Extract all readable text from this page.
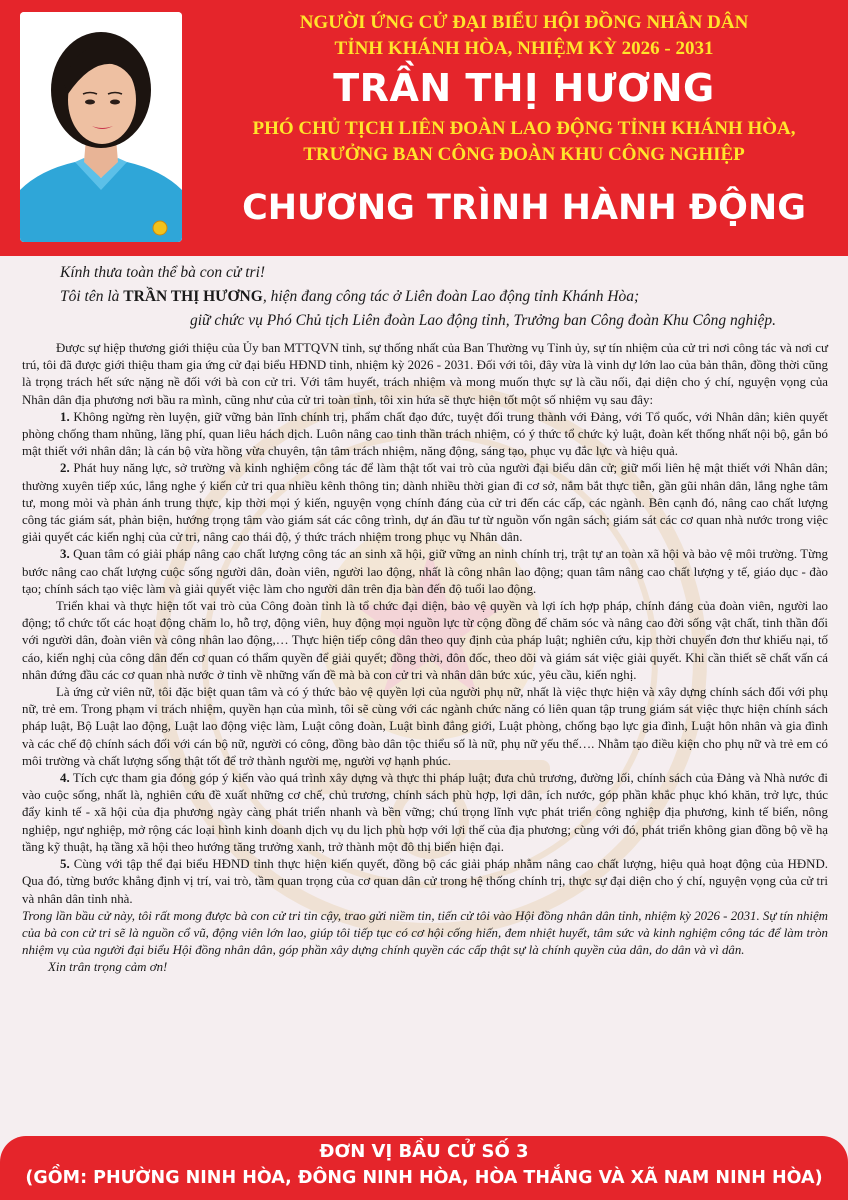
NGƯỜI ỨNG CỬ ĐẠI BIỂU HỘI ĐỒNG NHÂN DÂN
TỈNH KHÁNH HÒA, NHIỆM KỲ 2026 - 2031
TRẦN THỊ HƯƠNG
PHÓ CHỦ TỊCH LIÊN ĐOÀN LAO ĐỘNG TỈNH KHÁNH HÒA,
TRƯỞNG BAN CÔNG ĐOÀN KHU CÔNG NGHIỆP
CHƯƠNG TRÌNH HÀNH ĐỘNG
Kính thưa toàn thể bà con cử tri!
Tôi tên là TRẦN THỊ HƯƠNG, hiện đang công tác ở Liên đoàn Lao động tỉnh Khánh Hòa;
giữ chức vụ Phó Chủ tịch Liên đoàn Lao động tỉnh, Trưởng ban Công đoàn Khu Công nghiệp.

Được sự hiệp thương giới thiệu của Ủy ban MTTQVN tỉnh, sự thống nhất của Ban Thường vụ Tỉnh ủy, sự tín nhiệm của cử tri nơi công tác và nơi cư trú, tôi đã được giới thiệu tham gia ứng cử đại biểu HĐND tỉnh, nhiệm kỳ 2026 - 2031. Đối với tôi, đây vừa là vinh dự lớn lao của bản thân, đồng thời cũng là trọng trách hết sức nặng nề đối với bà con cử tri. Với tâm huyết, trách nhiệm và mong muốn thực sự là cầu nối, đại diện cho ý chí, nguyện vọng của Nhân dân địa phương nơi bầu ra mình, cũng như của cử tri toàn tỉnh, tôi xin hứa sẽ thực hiện tốt một số nhiệm vụ sau đây:

1. Không ngừng rèn luyện, giữ vững bản lĩnh chính trị, phẩm chất đạo đức, tuyệt đối trung thành với Đảng, với Tổ quốc, với Nhân dân; kiên quyết phòng chống tham nhũng, lãng phí, quan liêu hách dịch. Luôn nâng cao tinh thần trách nhiệm, có ý thức tổ chức kỷ luật, đoàn kết thống nhất nội bộ, gắn bó mật thiết với nhân dân; là cán bộ vừa hồng vừa chuyên, tận tâm trách nhiệm, năng động, sáng tạo, phục vụ đắc lực và hiệu quả.

2. Phát huy năng lực, sở trường và kinh nghiệm công tác để làm thật tốt vai trò của người đại biểu dân cử; giữ mối liên hệ mật thiết với Nhân dân; thường xuyên tiếp xúc, lắng nghe ý kiến cử tri qua nhiều kênh thông tin; dành nhiều thời gian đi cơ sở, nắm bắt thực tiễn, gần gũi nhân dân, lắng nghe tâm tư, mong mỏi và phản ánh trung thực, kịp thời mọi ý kiến, nguyện vọng chính đáng của cử tri đến các cấp, các ngành. Bên cạnh đó, nâng cao chất lượng công tác giám sát, phản biện, hướng trọng tâm vào giám sát các công trình, dự án đầu tư từ nguồn vốn ngân sách; giám sát các cơ quan nhà nước trong việc giải quyết các kiến nghị của cử tri, nâng cao thái độ, ý thức trách nhiệm trong phục vụ Nhân dân.

3. Quan tâm có giải pháp nâng cao chất lượng công tác an sinh xã hội, giữ vững an ninh chính trị, trật tự an toàn xã hội và bảo vệ môi trường. Từng bước nâng cao chất lượng cuộc sống người dân, đoàn viên, người lao động, nhất là công nhân lao động; quan tâm nâng cao chất lượng y tế, giáo dục - đào tạo; chính sách tạo việc làm và giải quyết việc làm cho người dân trên địa bàn đến độ tuổi lao động.

Triển khai và thực hiện tốt vai trò của Công đoàn tỉnh là tổ chức đại diện, bảo vệ quyền và lợi ích hợp pháp, chính đáng của đoàn viên, người lao động; tổ chức tốt các hoạt động chăm lo, hỗ trợ, động viên, huy động mọi nguồn lực từ cộng đồng để chăm sóc và nâng cao đời sống vật chất, tinh thần đối với người dân, đoàn viên và công nhân lao động,… Thực hiện tiếp công dân theo quy định của pháp luật; nghiên cứu, kịp thời chuyển đơn thư khiếu nại, tố cáo, kiến nghị của công dân đến cơ quan có thẩm quyền để giải quyết; đồng thời, đôn đốc, theo dõi và giám sát việc giải quyết. Khi cần thiết sẽ chất vấn cá nhân đứng đầu các cơ quan nhà nước ở tỉnh về những vấn đề mà bà con cử tri và nhân dân bức xúc, yêu cầu, kiến nghị.

Là ứng cử viên nữ, tôi đặc biệt quan tâm và có ý thức bảo vệ quyền lợi của người phụ nữ, nhất là việc thực hiện và xây dựng chính sách đối với phụ nữ, trẻ em. Trong phạm vi trách nhiệm, quyền hạn của mình, tôi sẽ cùng với các ngành chức năng có liên quan tập trung giám sát việc thực hiện chính sách pháp luật, Bộ Luật lao động, Luật lao động việc làm, Luật công đoàn, Luật bình đẳng giới, Luật phòng, chống bạo lực gia đình, Luật hôn nhân và gia đình và các chế độ chính sách đối với cán bộ nữ, người có công, đồng bào dân tộc thiểu số là nữ, phụ nữ yếu thế…. Nhằm tạo điều kiện cho phụ nữ và trẻ em có môi trường và chất lượng sống thật tốt để trở thành người mẹ, người vợ hạnh phúc.

4. Tích cực tham gia đóng góp ý kiến vào quá trình xây dựng và thực thi pháp luật; đưa chủ trương, đường lối, chính sách của Đảng và Nhà nước đi vào cuộc sống, nhất là, nghiên cứu đề xuất những cơ chế, chủ trương, chính sách phù hợp, lợi dân, ích nước, góp phần khắc phục khó khăn, trở lực, thúc đẩy kinh tế - xã hội của địa phương ngày càng phát triển nhanh và bền vững; chú trọng lĩnh vực phát triển công nghiệp địa phương, kinh tế biển, nông nghiệp, ngư nghiệp, mở rộng các loại hình kinh doanh dịch vụ du lịch phù hợp với lợi thế của địa phương; cùng với đó, phát triển không gian đồng bộ về hạ tầng kỹ thuật, hạ tầng xã hội theo hướng tăng trưởng xanh, trở thành một đô thị biển hiện đại.

5. Cùng với tập thể đại biểu HĐND tỉnh thực hiện kiến quyết, đồng bộ các giải pháp nhằm nâng cao chất lượng, hiệu quả hoạt động của HĐND. Qua đó, từng bước khẳng định vị trí, vai trò, tầm quan trọng của cơ quan dân cử trong hệ thống chính trị, thực sự đại diện cho ý chí, nguyện vọng của cử tri và nhân dân tỉnh nhà.

Trong lần bầu cử này, tôi rất mong được bà con cử tri tin cậy, trao gửi niềm tin, tiến cử tôi vào Hội đồng nhân dân tỉnh, nhiệm kỳ 2026 - 2031. Sự tín nhiệm của bà con cử tri sẽ là nguồn cổ vũ, động viên lớn lao, giúp tôi tiếp tục có cơ hội cống hiến, đem nhiệt huyết, tâm sức và kinh nghiệm công tác để làm tròn nhiệm vụ của người đại biểu Hội đồng nhân dân, góp phần xây dựng chính quyền các cấp thật sự là chính quyền của dân, do dân và vì dân.

Xin trân trọng cảm ơn!

ĐƠN VỊ BẦU CỬ SỐ 3
(GỒM: PHƯỜNG NINH HÒA, ĐÔNG NINH HÒA, HÒA THẮNG VÀ XÃ NAM NINH HÒA)
